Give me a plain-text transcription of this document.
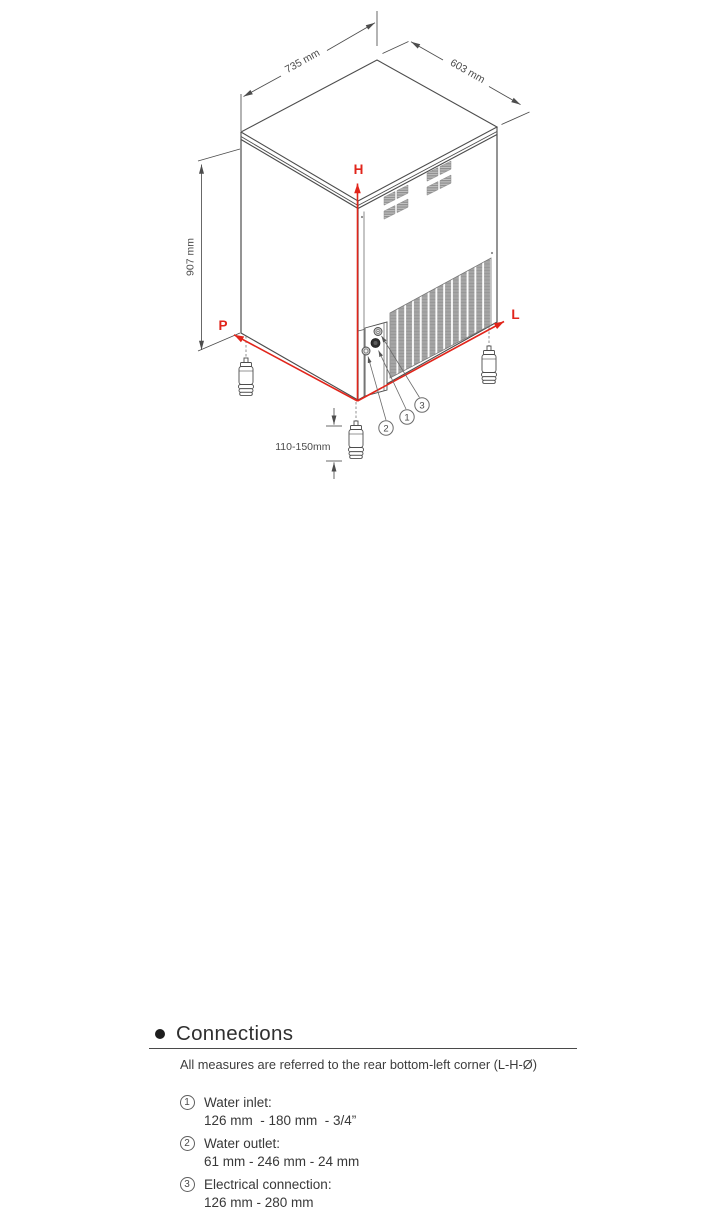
735 mm	603 mm
907 mm
110-150mm
H
P
L
2
1
3
Connections
All measures are referred to the rear bottom-left corner (L-H-Ø)
1	Water inlet:
126 mm  - 180 mm  - 3/4”
2	Water outlet:
61 mm - 246 mm - 24 mm
3	Electrical connection:
126 mm - 280 mm
